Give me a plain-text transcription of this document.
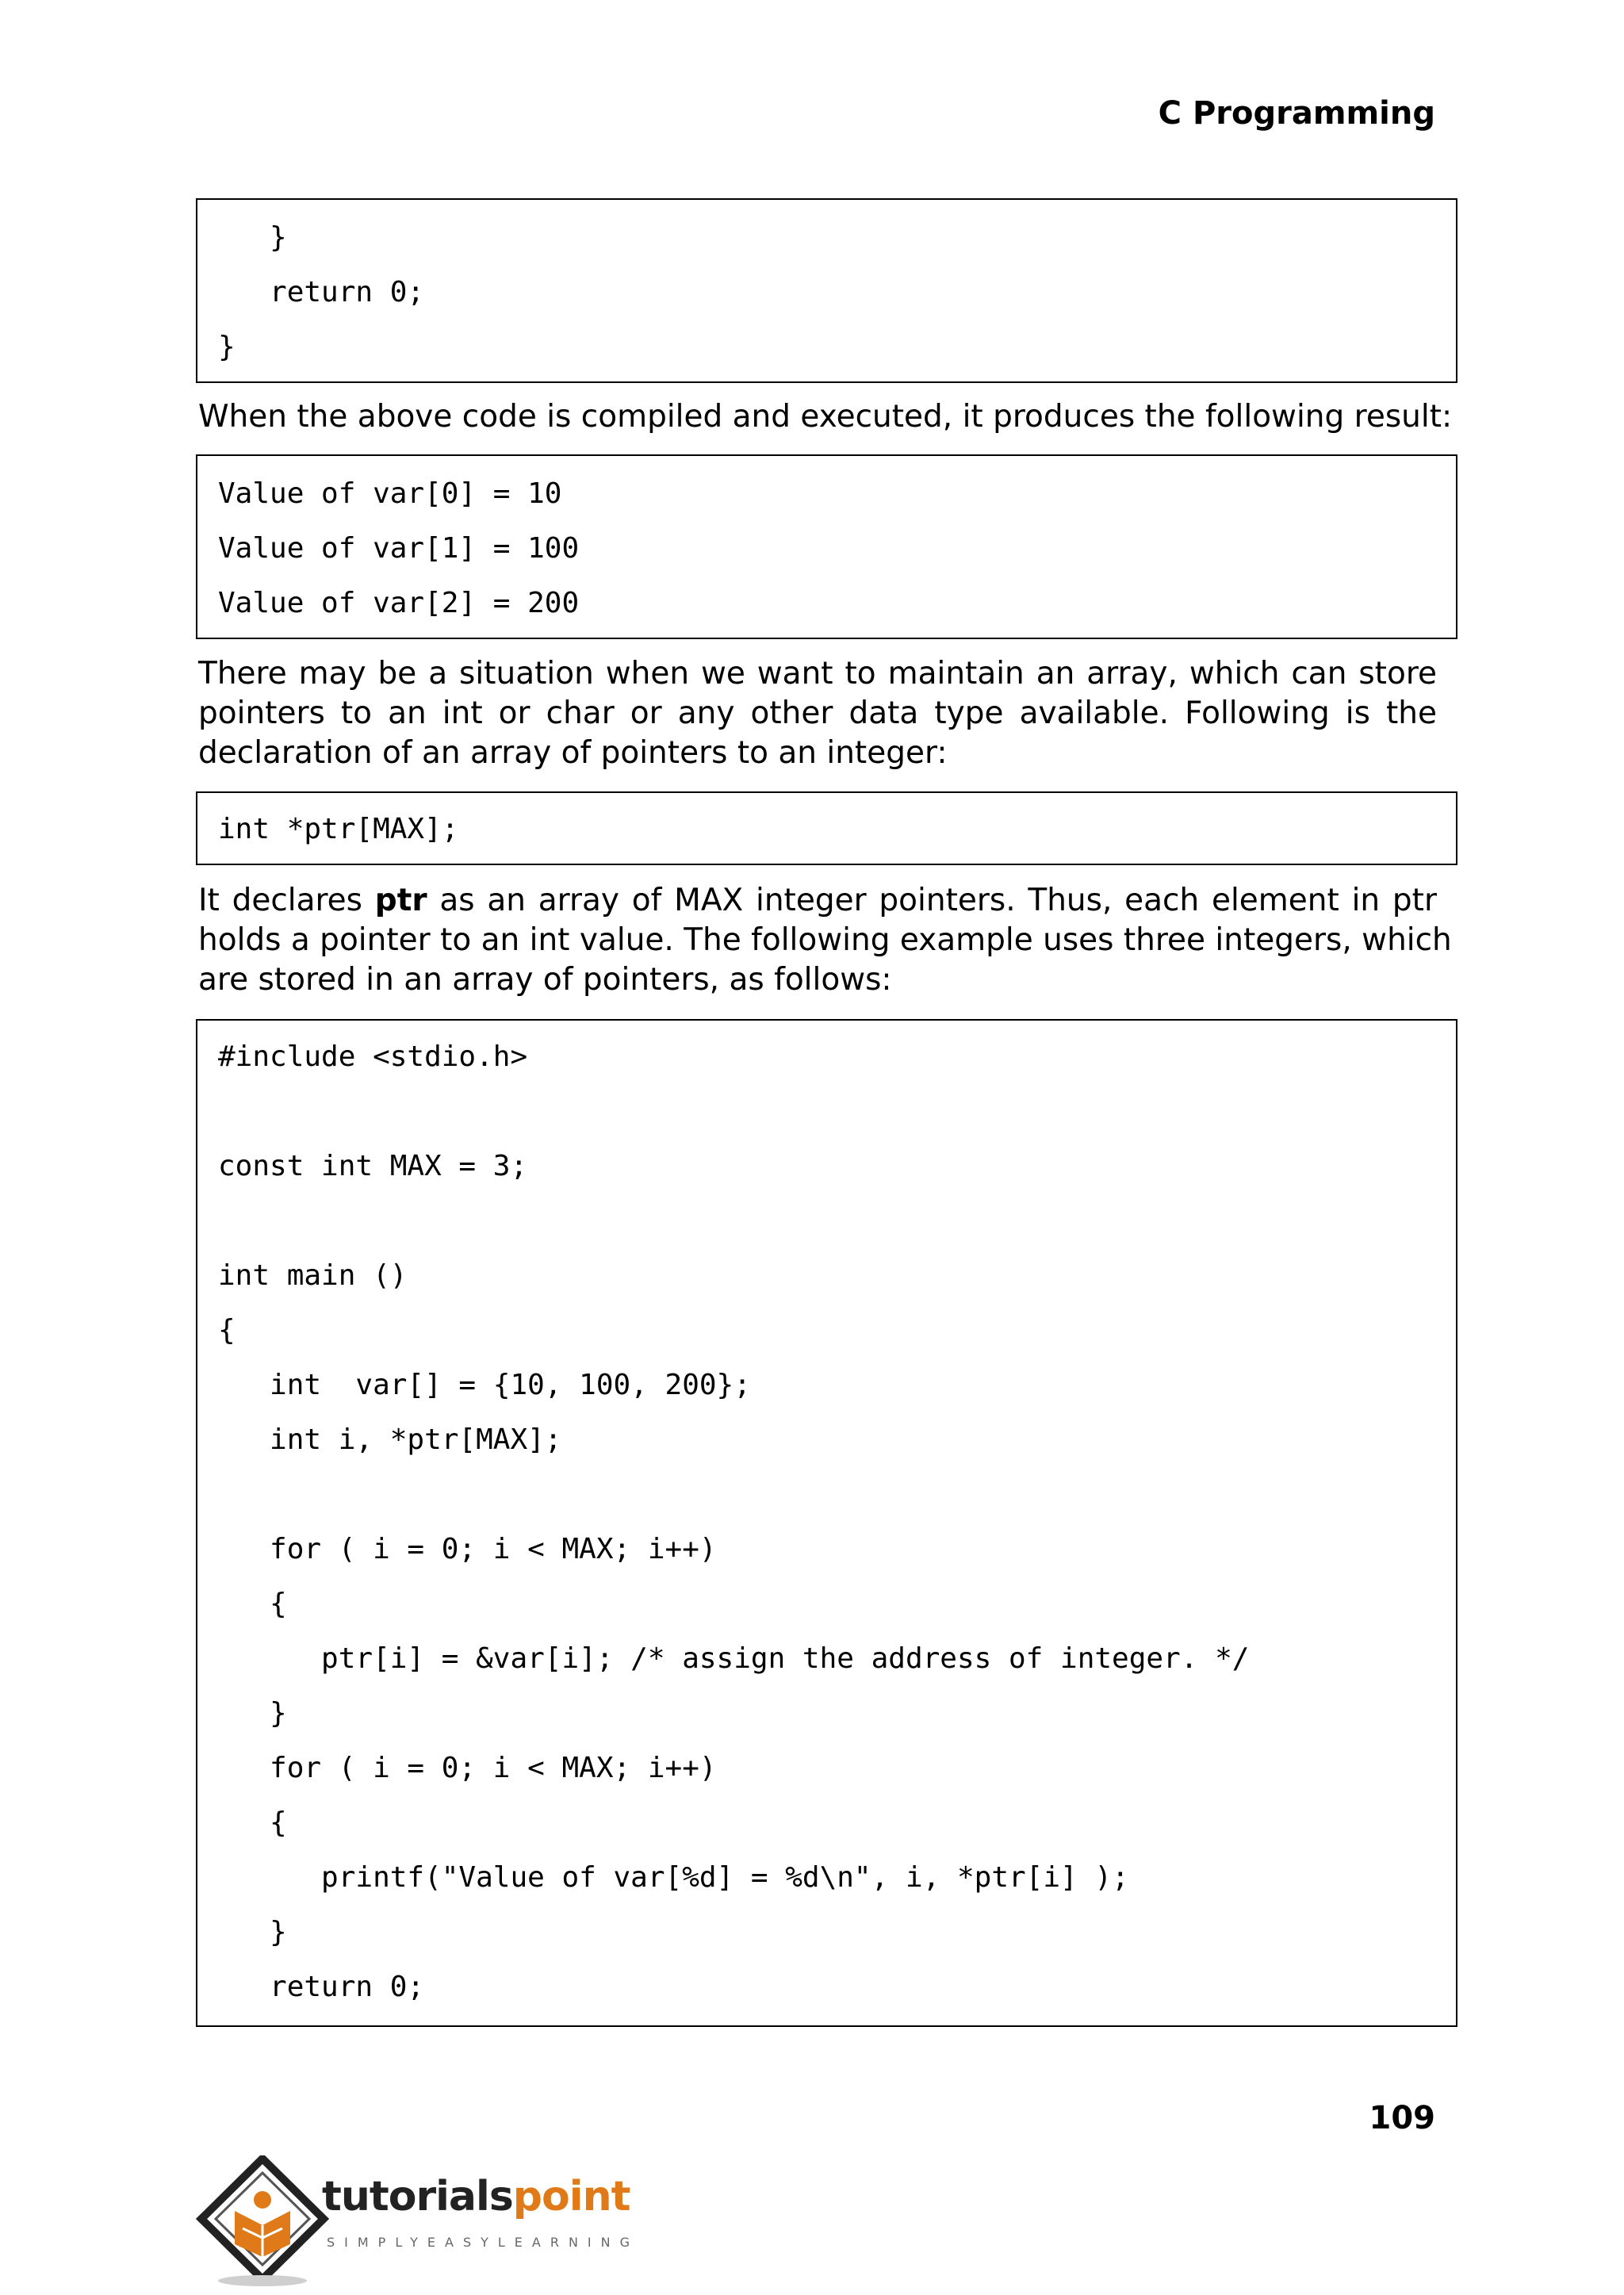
C Programming
}
return 0;
}

When the above code is compiled and executed, it produces the following result:

Value of var[0] = 10
Value of var[1] = 100
Value of var[2] = 200

There may be a situation when we want to maintain an array, which can store
pointers to an int or char or any other data type available. Following is the
declaration of an array of pointers to an integer:

int *ptr[MAX];

It declares ptr as an array of MAX integer pointers. Thus, each element in ptr
holds a pointer to an int value. The following example uses three integers, which
are stored in an array of pointers, as follows:

#include <stdio.h>
const int MAX = 3;
int main ()
{
int  var[] = {10, 100, 200};
int i, *ptr[MAX];
for ( i = 0; i < MAX; i++)
{
ptr[i] = &var[i]; /* assign the address of integer. */
}
for ( i = 0; i < MAX; i++)
{
printf("Value of var[%d] = %d\n", i, *ptr[i] );
}
return 0;
109
tutorialspoint
SIMPLYEASYLEARNING
